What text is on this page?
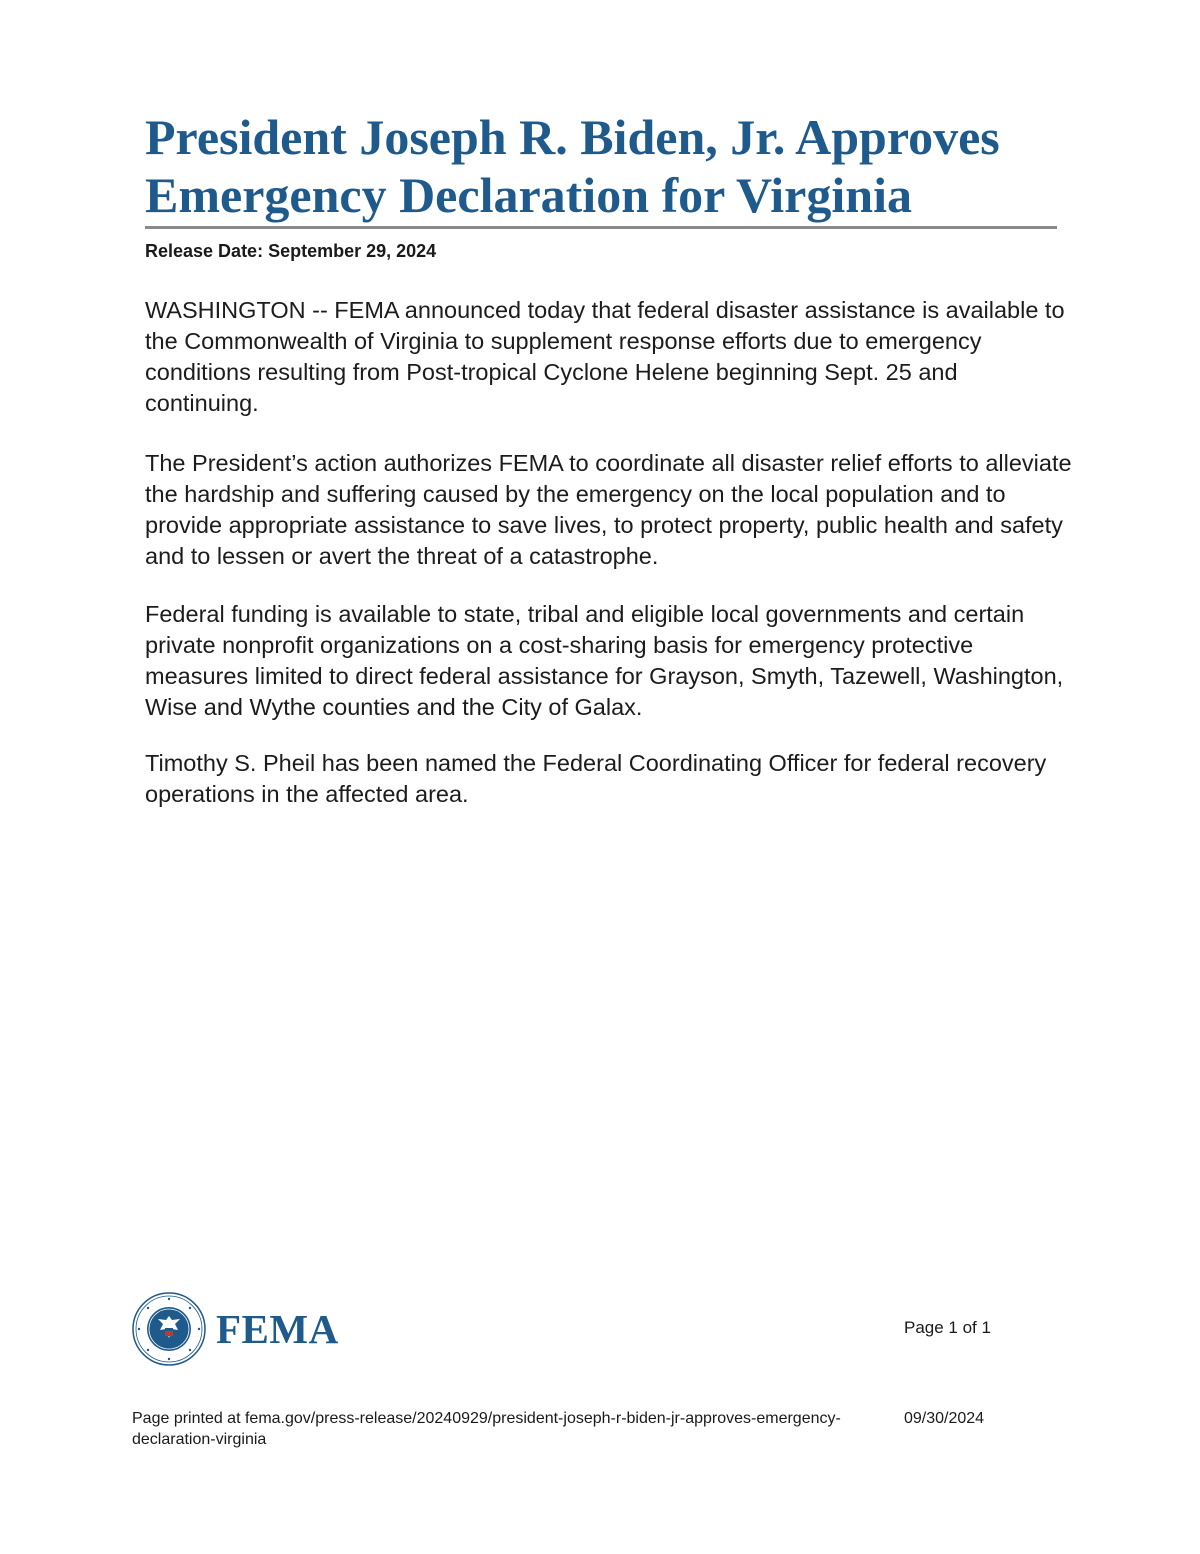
President Joseph R. Biden, Jr. Approves Emergency Declaration for Virginia
Release Date: September 29, 2024

WASHINGTON -- FEMA announced today that federal disaster assistance is available to the Commonwealth of Virginia to supplement response efforts due to emergency conditions resulting from Post-tropical Cyclone Helene beginning Sept. 25 and continuing.

The President’s action authorizes FEMA to coordinate all disaster relief efforts to alleviate the hardship and suffering caused by the emergency on the local population and to provide appropriate assistance to save lives, to protect property, public health and safety and to lessen or avert the threat of a catastrophe.

Federal funding is available to state, tribal and eligible local governments and certain private nonprofit organizations on a cost-sharing basis for emergency protective measures limited to direct federal assistance for Grayson, Smyth, Tazewell, Washington, Wise and Wythe counties and the City of Galax.

Timothy S. Pheil has been named the Federal Coordinating Officer for federal recovery operations in the affected area.

FEMA	Page 1 of 1
Page printed at fema.gov/press-release/20240929/president-joseph-r-biden-jr-approves-emergency-declaration-virginia
09/30/2024
